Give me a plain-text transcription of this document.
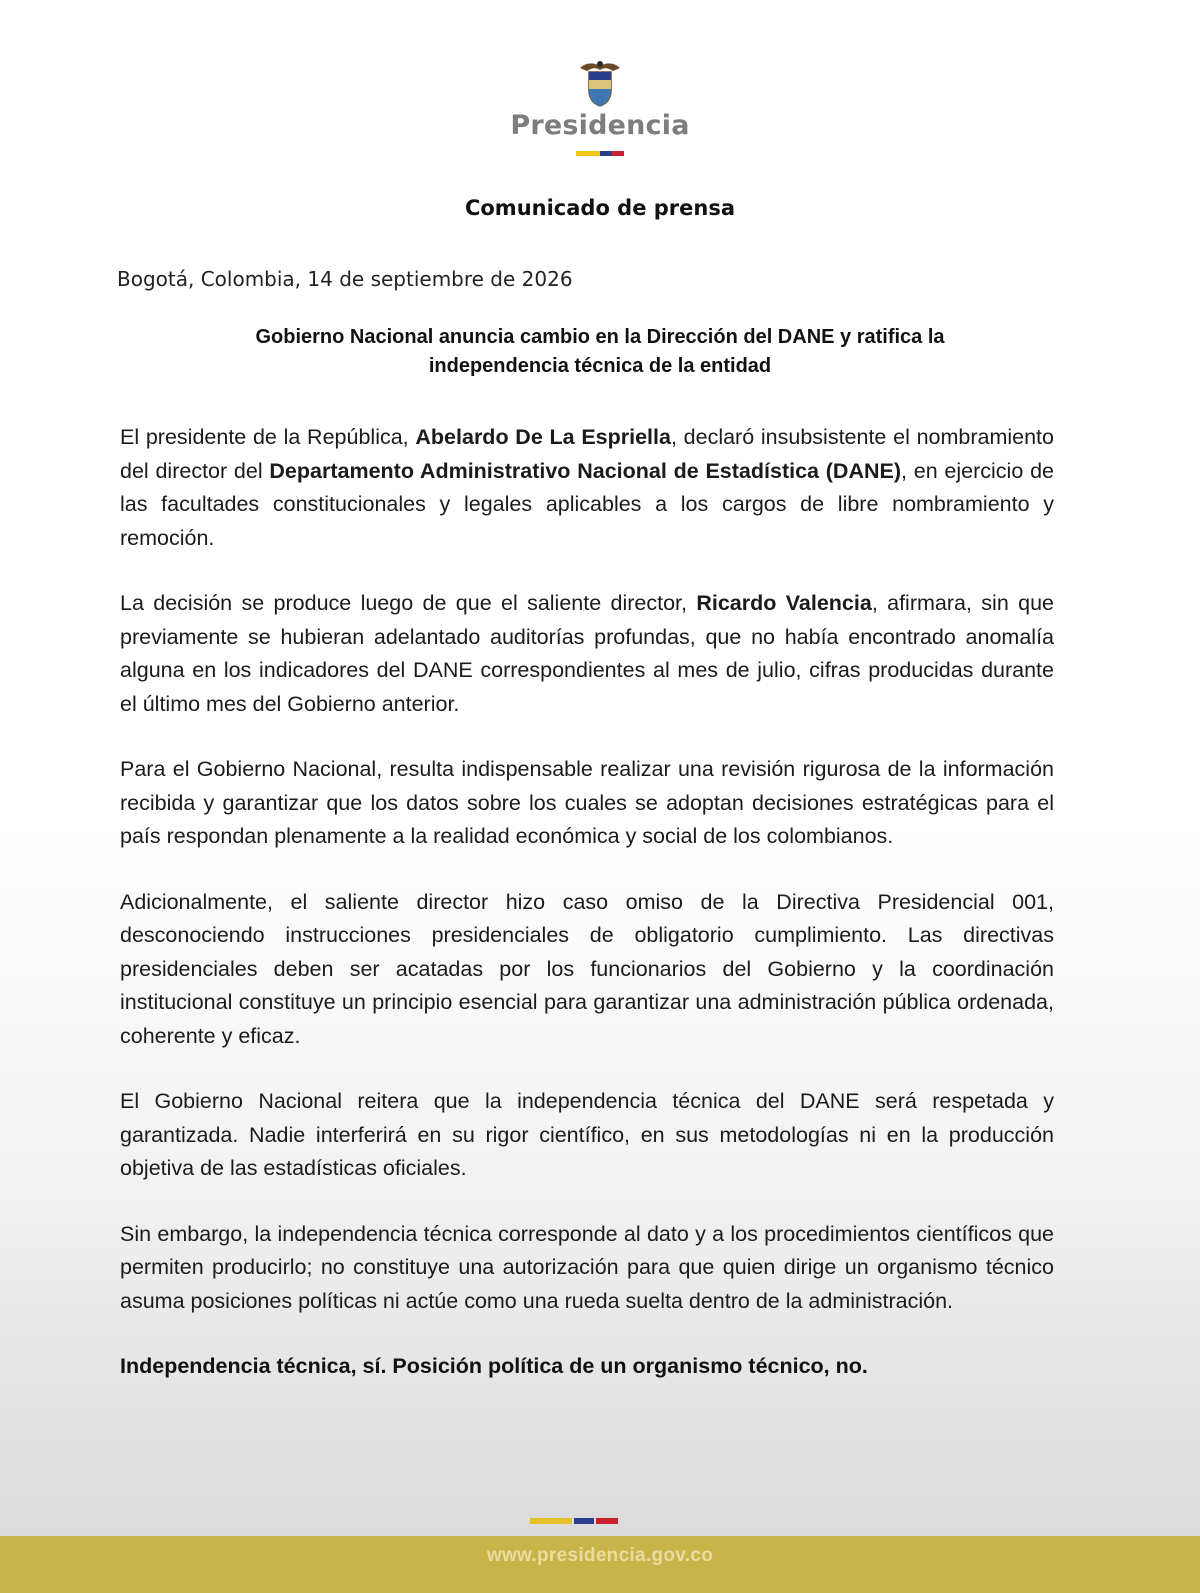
Presidencia
Comunicado de prensa
Bogotá, Colombia, 14 de septiembre de 2026
Gobierno Nacional anuncia cambio en la Dirección del DANE y ratifica la
independencia técnica de la entidad

El presidente de la República, Abelardo De La Espriella, declaró insubsistente el nombramiento del director del Departamento Administrativo Nacional de Estadística (DANE), en ejercicio de las facultades constitucionales y legales aplicables a los cargos de libre nombramiento y remoción.

La decisión se produce luego de que el saliente director, Ricardo Valencia, afirmara, sin que previamente se hubieran adelantado auditorías profundas, que no había encontrado anomalía alguna en los indicadores del DANE correspondientes al mes de julio, cifras producidas durante el último mes del Gobierno anterior.

Para el Gobierno Nacional, resulta indispensable realizar una revisión rigurosa de la información recibida y garantizar que los datos sobre los cuales se adoptan decisiones estratégicas para el país respondan plenamente a la realidad económica y social de los colombianos.

Adicionalmente, el saliente director hizo caso omiso de la Directiva Presidencial 001, desconociendo instrucciones presidenciales de obligatorio cumplimiento. Las directivas presidenciales deben ser acatadas por los funcionarios del Gobierno y la coordinación institucional constituye un principio esencial para garantizar una administración pública ordenada, coherente y eficaz.

El Gobierno Nacional reitera que la independencia técnica del DANE será respetada y garantizada. Nadie interferirá en su rigor científico, en sus metodologías ni en la producción objetiva de las estadísticas oficiales.

Sin embargo, la independencia técnica corresponde al dato y a los procedimientos científicos que permiten producirlo; no constituye una autorización para que quien dirige un organismo técnico asuma posiciones políticas ni actúe como una rueda suelta dentro de la administración.

Independencia técnica, sí. Posición política de un organismo técnico, no.

www.presidencia.gov.co
